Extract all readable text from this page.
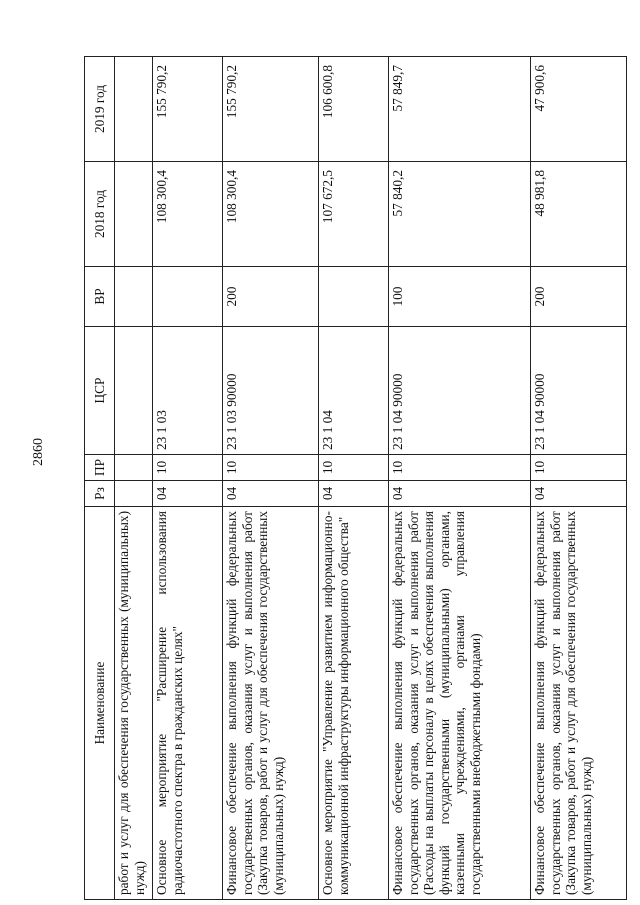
2860
Наименование	Рз	ПР	ЦСР	ВР	2018 год	2019 год
работ и услуг для обеспечения государственных (муниципальных) нужд)						
Основное мероприятие "Расширение использования радиочастотного спектра в гражданских целях"	04	10	23 1 03		108 300,4	155 790,2
Финансовое обеспечение выполнения функций федеральных государственных органов, оказания услуг и выполнения работ (Закупка товаров, работ и услуг для обеспечения государственных (муниципальных) нужд)	04	10	23 1 03 90000	200	108 300,4	155 790,2
Основное мероприятие "Управление развитием информационно-коммуникационной инфраструктуры информационного общества"	04	10	23 1 04		107 672,5	106 600,8
Финансовое обеспечение выполнения функций федеральных государственных органов, оказания услуг и выполнения работ (Расходы на выплаты персоналу в целях обеспечения выполнения функций государственными (муниципальными) органами, казенными учреждениями, органами управления государственными внебюджетными фондами)	04	10	23 1 04 90000	100	57 840,2	57 849,7
Финансовое обеспечение выполнения функций федеральных государственных органов, оказания услуг и выполнения работ (Закупка товаров, работ и услуг для обеспечения государственных (муниципальных) нужд)	04	10	23 1 04 90000	200	48 981,8	47 900,6
